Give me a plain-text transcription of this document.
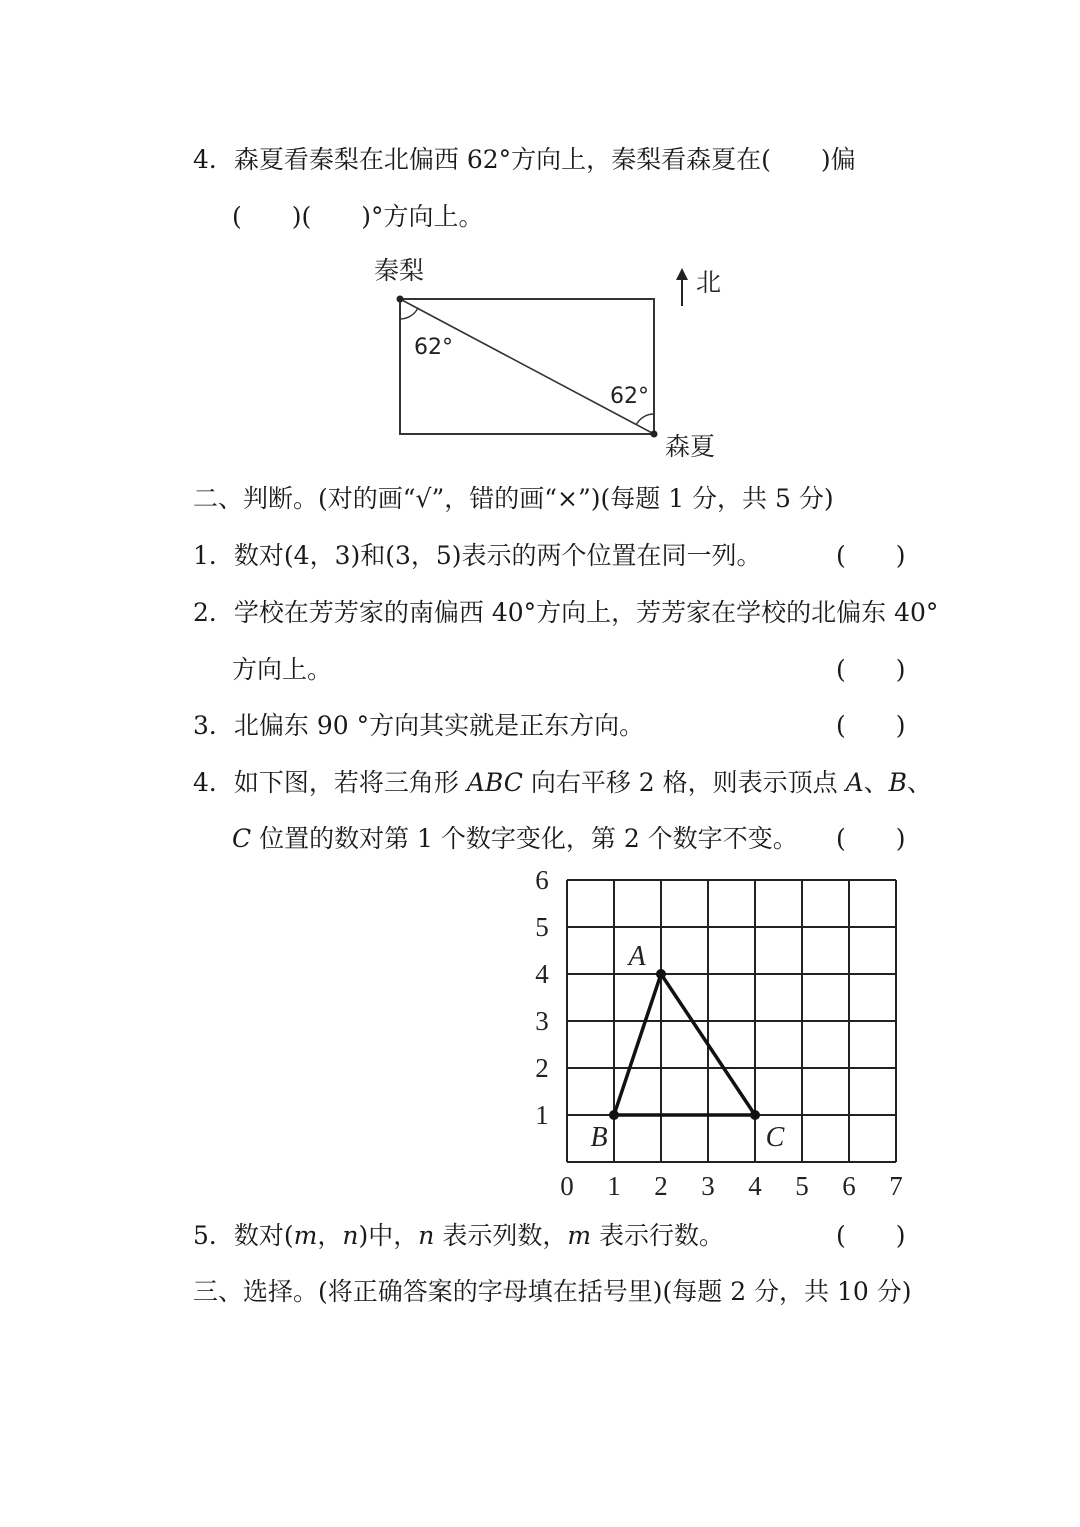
4．森夏看秦梨在北偏西 62°方向上，秦梨看森夏在(　　)偏
(　　)(　　)°方向上。
秦梨
森夏
62°
62°
北
二、判断。(对的画“√”，错的画“×”)(每题 1 分，共 5 分)
1．数对(4，3)和(3，5)表示的两个位置在同一列。	(　　)
2．学校在芳芳家的南偏西 40°方向上，芳芳家在学校的北偏东 40°
方向上。	(　　)
3．北偏东 90 °方向其实就是正东方向。	(　　)
4．如下图，若将三角形 ABC 向右平移 2 格，则表示顶点 A、B、
C 位置的数对第 1 个数字变化，第 2 个数字不变。 (　　)
0 1 2 3 4 5 6 7
1
2
3
4
5
6
A
B	C
5．数对(m，n)中，n 表示列数，m 表示行数。	(　　)
三、选择。(将正确答案的字母填在括号里)(每题 2 分，共 10 分)
